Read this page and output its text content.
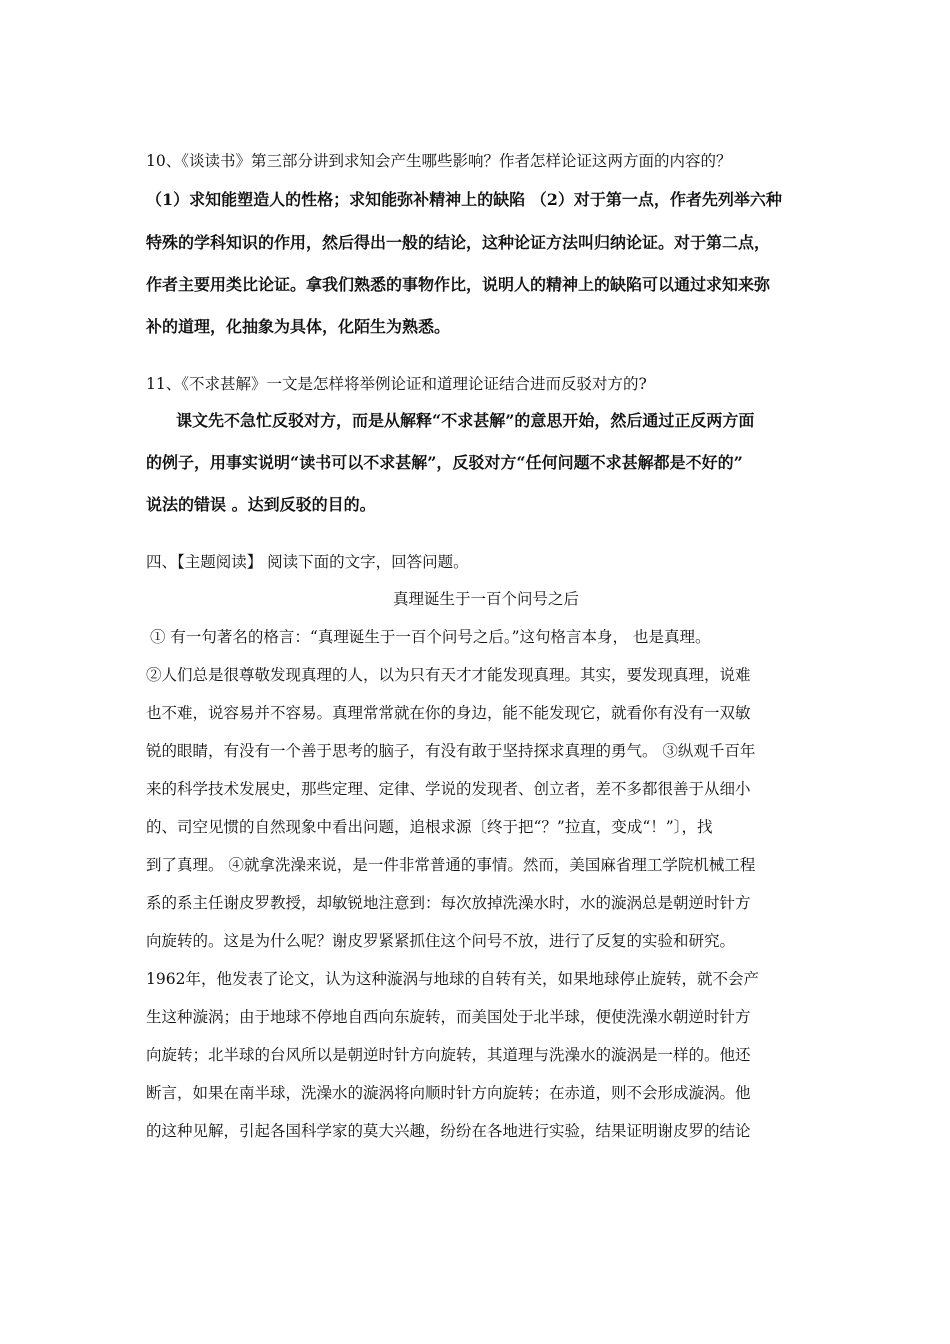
10、《谈读书》第三部分讲到求知会产生哪些影响？作者怎样论证这两方面的内容的？
（1）求知能塑造人的性格；求知能弥补精神上的缺陷 （2）对于第一点，作者先列举六种
特殊的学科知识的作用，然后得出一般的结论，这种论证方法叫归纳论证。对于第二点，
作者主要用类比论证。拿我们熟悉的事物作比，说明人的精神上的缺陷可以通过求知来弥
补的道理，化抽象为具体，化陌生为熟悉。
11、《不求甚解》一文是怎样将举例论证和道理论证结合进而反驳对方的?
课文先不急忙反驳对方，而是从解释“不求甚解”的意思开始，然后通过正反两方面
的例子，用事实说明“读书可以不求甚解”，反驳对方“任何问题不求甚解都是不好的”
说法的错误 。达到反驳的目的。
四、【主题阅读】 阅读下面的文字，回答问题。
真理诞生于一百个问号之后
① 有一句著名的格言：“真理诞生于一百个问号之后。”这句格言本身， 也是真理。
②人们总是很尊敬发现真理的人，以为只有天才才能发现真理。其实，要发现真理，说难
也不难，说容易并不容易。真理常常就在你的身边，能不能发现它，就看你有没有一双敏
锐的眼睛，有没有一个善于思考的脑子，有没有敢于坚持探求真理的勇气。 ③纵观千百年
来的科学技术发展史，那些定理、定律、学说的发现者、创立者，差不多都很善于从细小
的、司空见惯的自然现象中看出问题，追根求源〔终于把“？”拉直，变成“！”〕，找
到了真理。 ④就拿洗澡来说，是一件非常普通的事情。然而，美国麻省理工学院机械工程
系的系主任谢皮罗教授，却敏锐地注意到：每次放掉洗澡水时，水的漩涡总是朝逆时针方
向旋转的。这是为什么呢？谢皮罗紧紧抓住这个问号不放，进行了反复的实验和研究。
1962年，他发表了论文，认为这种漩涡与地球的自转有关，如果地球停止旋转，就不会产
生这种漩涡；由于地球不停地自西向东旋转，而美国处于北半球，便使洗澡水朝逆时针方
向旋转；北半球的台风所以是朝逆时针方向旋转，其道理与洗澡水的漩涡是一样的。他还
断言，如果在南半球，洗澡水的漩涡将向顺时针方向旋转；在赤道，则不会形成漩涡。他
的这种见解，引起各国科学家的莫大兴趣，纷纷在各地进行实验，结果证明谢皮罗的结论
